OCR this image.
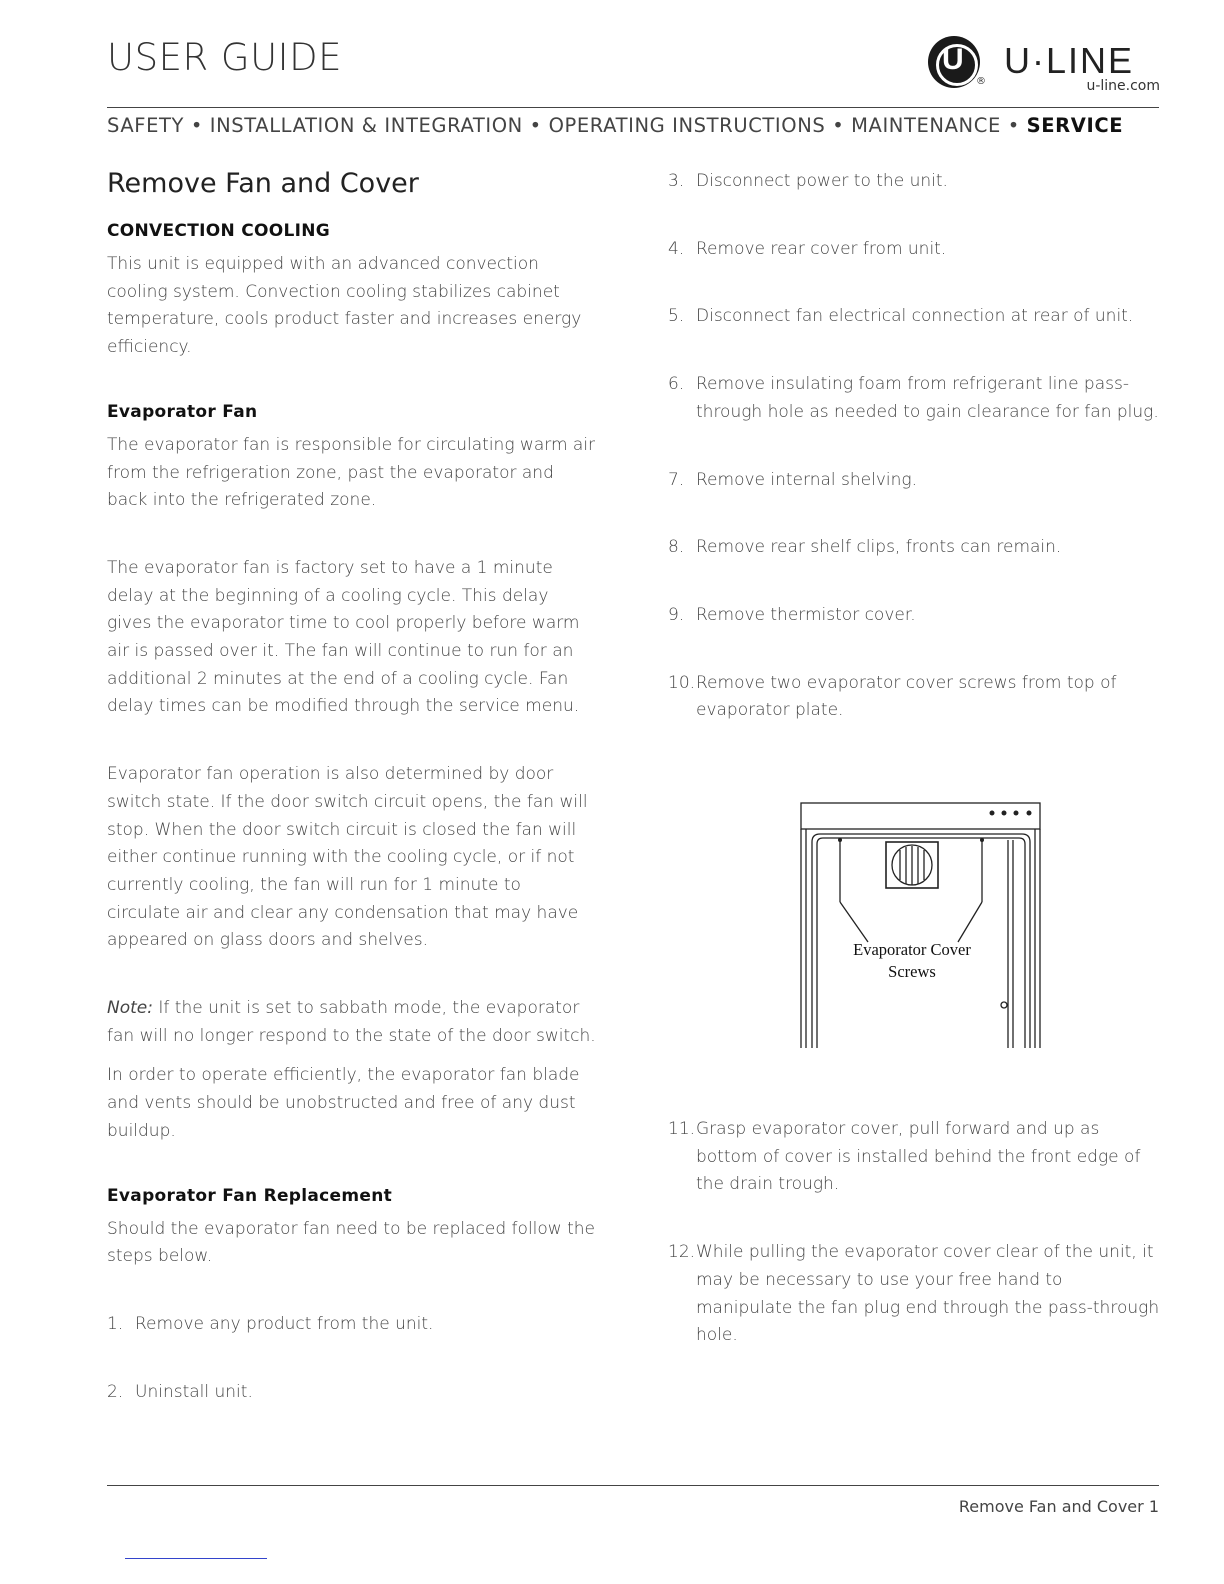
USER GUIDE	U
®
U·LINE
u-line.com
SAFETY • INSTALLATION & INTEGRATION • OPERATING INSTRUCTIONS • MAINTENANCE • SERVICE
Remove Fan and Cover
CONVECTION COOLING
This unit is equipped with an advanced convection cooling system. Convection cooling stabilizes cabinet temperature, cools product faster and increases energy efficiency.
Evaporator Fan
The evaporator fan is responsible for circulating warm air from the refrigeration zone, past the evaporator and back into the refrigerated zone.
The evaporator fan is factory set to have a 1 minute delay at the beginning of a cooling cycle. This delay gives the evaporator time to cool properly before warm air is passed over it. The fan will continue to run for an additional 2 minutes at the end of a cooling cycle. Fan delay times can be modified through the service menu.
Evaporator fan operation is also determined by door switch state. If the door switch circuit opens, the fan will stop. When the door switch circuit is closed the fan will either continue running with the cooling cycle, or if not currently cooling, the fan will run for 1 minute to circulate air and clear any condensation that may have appeared on glass doors and shelves.
Note: If the unit is set to sabbath mode, the evaporator fan will no longer respond to the state of the door switch.
In order to operate efficiently, the evaporator fan blade and vents should be unobstructed and free of any dust buildup.
Evaporator Fan Replacement
Should the evaporator fan need to be replaced follow the steps below.
1. Remove any product from the unit.
2. Uninstall unit.
3. Disconnect power to the unit.
4. Remove rear cover from unit.
5. Disconnect fan electrical connection at rear of unit.
6. Remove insulating foam from refrigerant line pass-through hole as needed to gain clearance for fan plug.
7. Remove internal shelving.
8. Remove rear shelf clips, fronts can remain.
9. Remove thermistor cover.
10. Remove two evaporator cover screws from top of evaporator plate.
Evaporator Cover
Screws
11. Grasp evaporator cover, pull forward and up as bottom of cover is installed behind the front edge of the drain trough.
12. While pulling the evaporator cover clear of the unit, it may be necessary to use your free hand to manipulate the fan plug end through the pass-through hole.
Remove Fan and Cover 1
